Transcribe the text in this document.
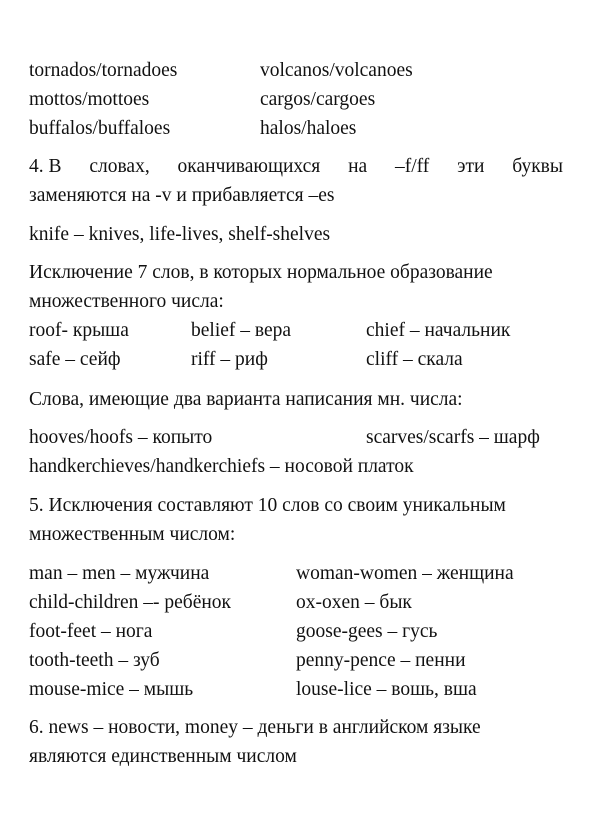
tornados/tornadoes	volcanos/volcanoes
mottos/mottoes	cargos/cargoes
buffalos/buffaloes	halos/haloes
4. В словах, оканчивающихся на –f/ff эти буквы
заменяются на -v и прибавляется –es
knife – knives, life-lives, shelf-shelves
Исключение 7 слов, в которых нормальное образование
множественного числа:
roof- крыша	belief – вера	chief – начальник
safe – сейф	riff – риф	cliff – скала
Слова, имеющие два варианта написания мн. числа:
hooves/hoofs – копыто	scarves/scarfs – шарф
handkerchieves/handkerchiefs – носовой платок
5. Исключения составляют 10 слов со своим уникальным
множественным числом:
man – men – мужчина	woman-women – женщина
child-children –- ребёнок	ox-oxen – бык
foot-feet – нога	goose-gees – гусь
tooth-teeth – зуб	penny-pence – пенни
mouse-mice – мышь	louse-lice – вошь, вша
6. news – новости, money – деньги в английском языке
являются единственным числом
